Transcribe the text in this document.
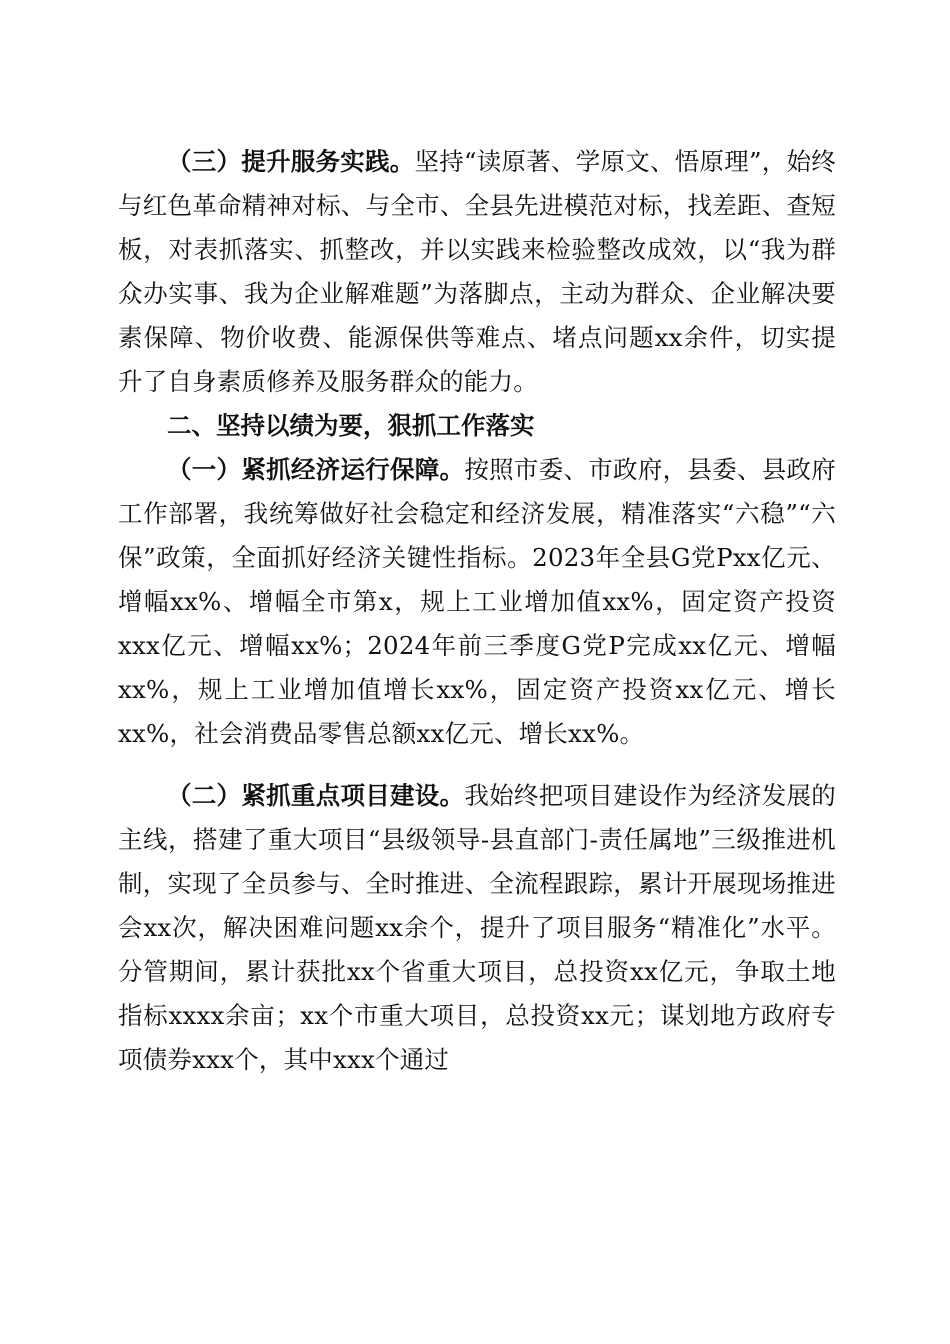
（三）提升服务实践。坚持“读原著、学原文、悟原理”，始终与红色革命精神对标、与全市、全县先进模范对标，找差距、查短板，对表抓落实、抓整改，并以实践来检验整改成效，以“我为群众办实事、我为企业解难题”为落脚点，主动为群众、企业解决要素保障、物价收费、能源保供等难点、堵点问题xx余件，切实提升了自身素质修养及服务群众的能力。

二、坚持以绩为要，狠抓工作落实

（一）紧抓经济运行保障。按照市委、市政府，县委、县政府工作部署，我统筹做好社会稳定和经济发展，精准落实“六稳”“六保”政策，全面抓好经济关键性指标。2023年全县G党Pxx亿元、增幅xx%、增幅全市第x，规上工业增加值xx%，固定资产投资xxx亿元、增幅xx%；2024年前三季度G党P完成xx亿元、增幅xx%，规上工业增加值增长xx%，固定资产投资xx亿元、增长xx%，社会消费品零售总额xx亿元、增长xx%。

（二）紧抓重点项目建设。我始终把项目建设作为经济发展的主线，搭建了重大项目“县级领导-县直部门-责任属地”三级推进机制，实现了全员参与、全时推进、全流程跟踪，累计开展现场推进会xx次，解决困难问题xx余个，提升了项目服务“精准化”水平。分管期间，累计获批xx个省重大项目，总投资xx亿元，争取土地指标xxxx余亩；xx个市重大项目，总投资xx元；谋划地方政府专项债券xxx个，其中xxx个通过
